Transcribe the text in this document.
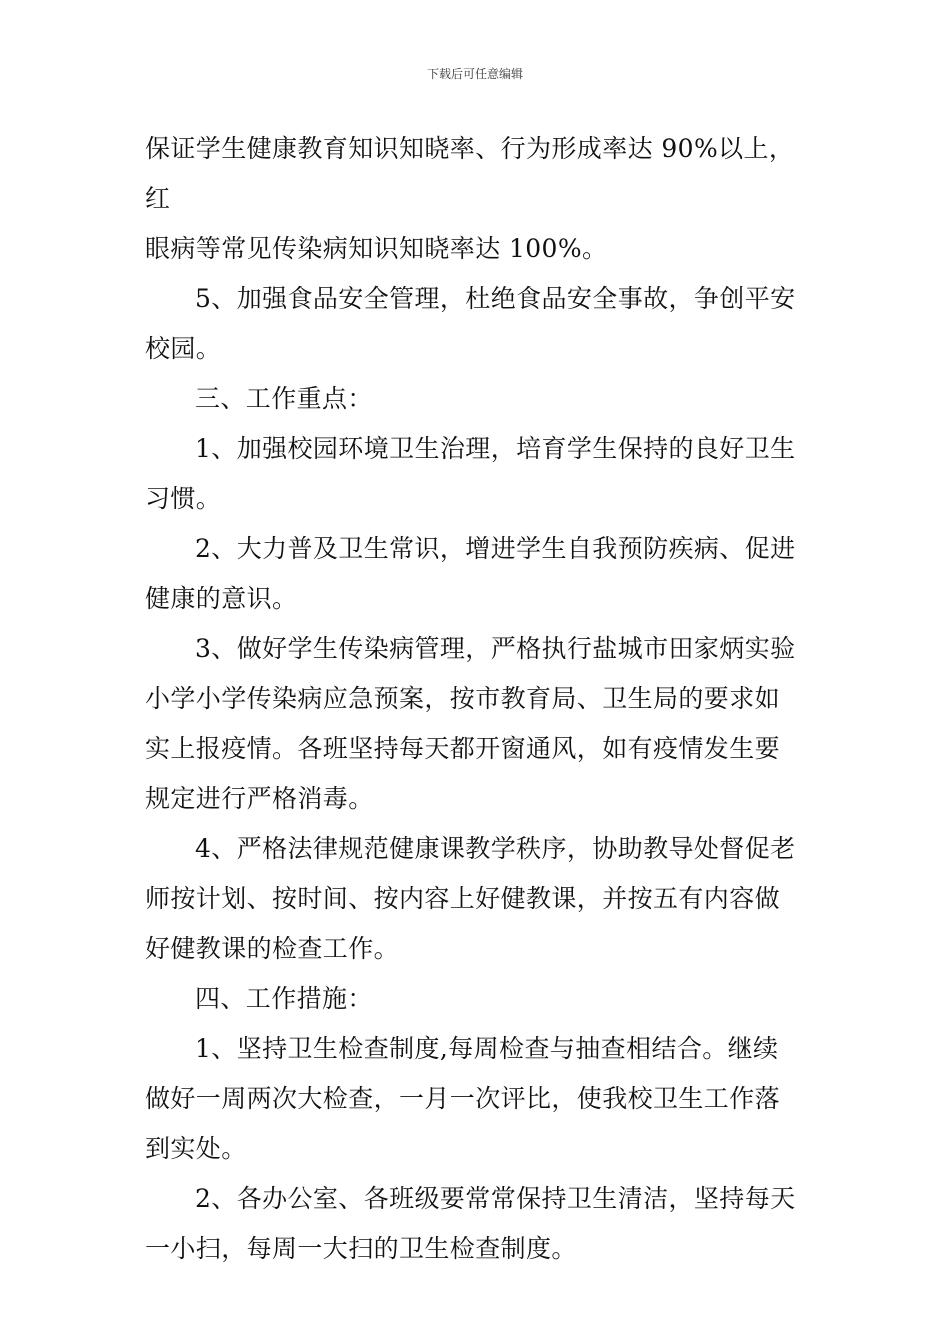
下载后可任意编辑

保证学生健康教育知识知晓率、行为形成率达 90%以上，红
眼病等常见传染病知识知晓率达 100%。

5、加强食品安全管理，杜绝食品安全事故，争创平安
校园。

三、工作重点：

1、加强校园环境卫生治理，培育学生保持的良好卫生
习惯。

2、大力普及卫生常识，增进学生自我预防疾病、促进
健康的意识。

3、做好学生传染病管理，严格执行盐城市田家炳实验
小学小学传染病应急预案，按市教育局、卫生局的要求如
实上报疫情。各班坚持每天都开窗通风，如有疫情发生要
规定进行严格消毒。

4、严格法律规范健康课教学秩序，协助教导处督促老
师按计划、按时间、按内容上好健教课，并按五有内容做
好健教课的检查工作。

四、工作措施：

1、坚持卫生检查制度,每周检查与抽查相结合。继续
做好一周两次大检查，一月一次评比，使我校卫生工作落
到实处。

2、各办公室、各班级要常常保持卫生清洁，坚持每天
一小扫，每周一大扫的卫生检查制度。
